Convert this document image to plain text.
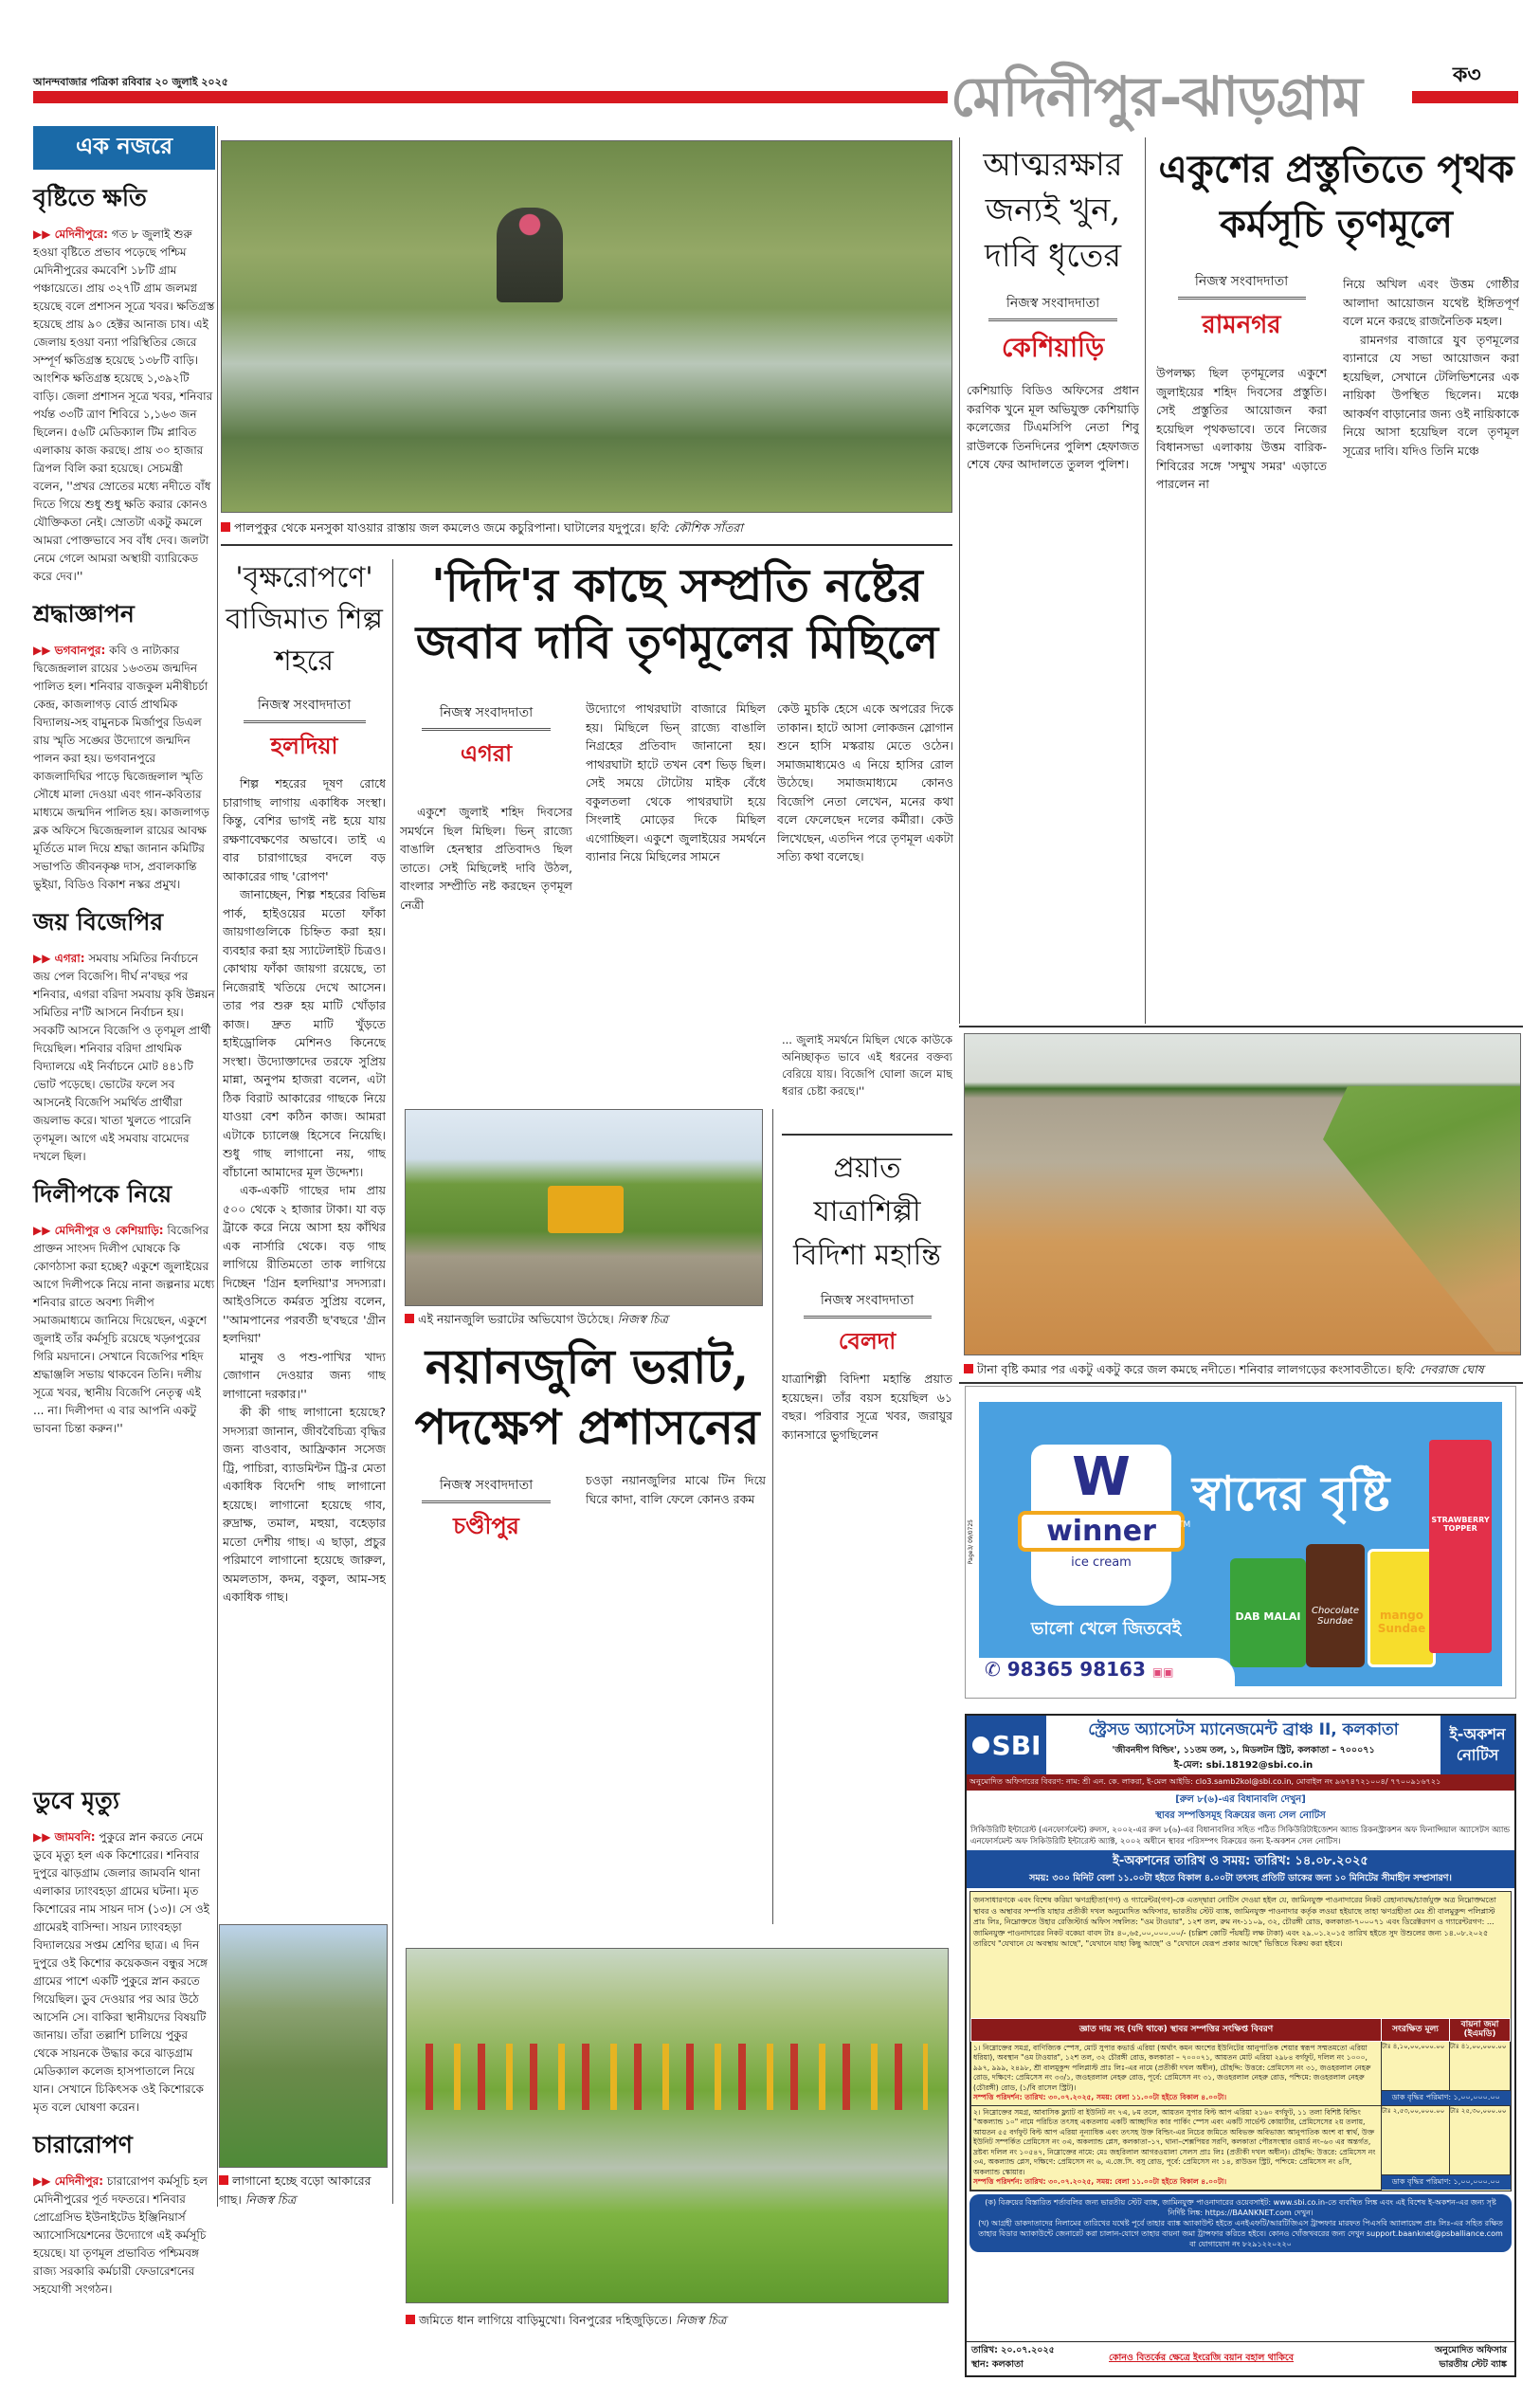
আনন্দবাজার পত্রিকা রবিবার ২০ জুলাই ২০২৫	মেদিনীপুর-ঝাড়গ্রাম	ক৩
এক নজরে
বৃষ্টিতে ক্ষতি
▶▶ মেদিনীপুরে: গত ৮ জুলাই শুরু হওয়া বৃষ্টিতে প্রভাব পড়েছে পশ্চিম মেদিনীপুরের কমবেশি ১৮টি গ্রাম পঞ্চায়েতে। প্রায় ৩২৭টি গ্রাম জলমগ্ন হয়েছে বলে প্রশাসন সূত্রে খবর। ক্ষতিগ্রস্ত হয়েছে প্রায় ৯০ হেক্টর আনাজ চাষ। এই জেলায় হওয়া বন্যা পরিস্থিতির জেরে সম্পূর্ণ ক্ষতিগ্রস্ত হয়েছে ১৩৮টি বাড়ি। আংশিক ক্ষতিগ্রস্ত হয়েছে ১,৩৯২টি বাড়ি। জেলা প্রশাসন সূত্রে খবর, শনিবার পর্যন্ত ৩৩টি ত্রাণ শিবিরে ১,১৬৩ জন ছিলেন। ৫৬টি মেডিক্যাল টিম প্লাবিত এলাকায় কাজ করছে। প্রায় ৩০ হাজার ত্রিপল বিলি করা হয়েছে। সেচমন্ত্রী বলেন, ''প্রখর স্রোতের মধ্যে নদীতে বাঁধ দিতে গিয়ে শুধু শুধু ক্ষতি করার কোনও যৌক্তিকতা নেই। স্রোতটা একটু কমলে আমরা পোক্তভাবে সব বাঁধ দেব। জলটা নেমে গেলে আমরা অস্থায়ী ব্যারিকেড করে দেব।''
শ্রদ্ধাজ্ঞাপন
▶▶ ভগবানপুর: কবি ও নাট্যকার দ্বিজেন্দ্রলাল রায়ের ১৬৩তম জন্মদিন পালিত হল। শনিবার বাজকুল মনীষীচর্চা কেন্দ্র, কাজলাগড় বোর্ড প্রাথমিক বিদ্যালয়-সহ বামুনচক মির্জাপুর ডিএল রায় স্মৃতি সঙ্ঘের উদ্যোগে জন্মদিন পালন করা হয়। ভগবানপুরে কাজলাদিঘির পাড়ে দ্বিজেন্দ্রলাল স্মৃতি সৌধে মালা দেওয়া এবং গান-কবিতার মাধ্যমে জন্মদিন পালিত হয়। কাজলাগড় ব্লক অফিসে দ্বিজেন্দ্রলাল রায়ের আবক্ষ মূর্তিতে মাল দিয়ে শ্রদ্ধা জানান কমিটির সভাপতি জীবনকৃষ্ণ দাস, প্রবালকান্তি ভুইয়া, বিডিও বিকাশ নস্কর প্রমুখ।
জয় বিজেপির
▶▶ এগরা: সমবায় সমিতির নির্বাচনে জয় পেল বিজেপি। দীর্ঘ ন'বছর পর শনিবার, এগরা বরিদা সমবায় কৃষি উন্নয়ন সমিতির ন'টি আসনে নির্বাচন হয়। সবকটি আসনে বিজেপি ও তৃণমূল প্রার্থী দিয়েছিল। শনিবার বরিদা প্রাথমিক বিদ্যালয়ে এই নির্বাচনে মোট ৪৪১টি ভোট পড়েছে। ভোটের ফলে সব আসনেই বিজেপি সমর্থিত প্রার্থীরা জয়লাভ করে। খাতা খুলতে পারেনি তৃণমূল। আগে এই সমবায় বামেদের দখলে ছিল।
দিলীপকে নিয়ে
▶▶ মেদিনীপুর ও কেশিয়াড়ি: বিজেপির প্রাক্তন সাংসদ দিলীপ ঘোষকে কি কোণঠাসা করা হচ্ছে? একুশে জুলাইয়ের আগে দিলীপকে নিয়ে নানা জল্পনার মধ্যে শনিবার রাতে অবশ্য দিলীপ সমাজমাধ্যমে জানিয়ে দিয়েছেন, একুশে জুলাই তাঁর কর্মসূচি রয়েছে খড়্গপুরের গিরি ময়দানে। সেখানে বিজেপির শহিদ শ্রদ্ধাঞ্জলি সভায় থাকবেন তিনি। দলীয় সূত্রে খবর, স্থানীয় বিজেপি নেতৃত্ব এই ... না। দিলীপদা এ বার আপনি একটু ভাবনা চিন্তা করুন।''
ডুবে মৃত্যু
▶▶ জামবনি: পুকুরে স্নান করতে নেমে ডুবে মৃত্যু হল এক কিশোরের। শনিবার দুপুরে ঝাড়গ্রাম জেলার জামবনি থানা এলাকার ঢ্যাংবহড়া গ্রামের ঘটনা। মৃত কিশোরের নাম সায়ন দাস (১৩)। সে ওই গ্রামেরই বাসিন্দা। সায়ন ঢ্যাংবহড়া বিদ্যালয়ের সপ্তম শ্রেণির ছাত্র। এ দিন দুপুরে ওই কিশোর কয়েকজন বন্ধুর সঙ্গে গ্রামের পাশে একটি পুকুরে স্নান করতে গিয়েছিল। ডুব দেওয়ার পর আর উঠে আসেনি সে। বাকিরা স্থানীয়দের বিষয়টি জানায়। তাঁরা তল্লাশি চালিয়ে পুকুর থেকে সায়নকে উদ্ধার করে ঝাড়গ্রাম মেডিক্যাল কলেজ হাসপাতালে নিয়ে যান। সেখানে চিকিৎসক ওই কিশোরকে মৃত বলে ঘোষণা করেন।
চারারোপণ
▶▶ মেদিনীপুর: চারারোপণ কর্মসূচি হল মেদিনীপুরের পূর্ত দফতরে। শনিবার প্রোগ্রেসিভ ইউনাইটেড ইঞ্জিনিয়ার্স অ্যাসোসিয়েশনের উদ্যোগে এই কর্মসূচি হয়েছে। যা তৃণমূল প্রভাবিত পশ্চিমবঙ্গ রাজ্য সরকারি কর্মচারী ফেডারেশনের সহযোগী সংগঠন।
পালপুকুর থেকে মনসুকা যাওয়ার রাস্তায় জল কমলেও জমে কচুরিপানা। ঘাটালের যদুপুরে। ছবি: কৌশিক সাঁতরা
'বৃক্ষরোপণে' বাজিমাত শিল্প শহরে
নিজস্ব সংবাদদাতা
হলদিয়া

শিল্প শহরের দূষণ রোধে চারাগাছ লাগায় একাধিক সংস্থা। কিন্তু, বেশির ভাগই নষ্ট হয়ে যায় রক্ষণাবেক্ষণের অভাবে। তাই এ বার চারাগাছের বদলে বড় আকারের গাছ 'রোপণ'

জানাচ্ছেন, শিল্প শহরের বিভিন্ন পার্ক, হাইওয়ের মতো ফাঁকা জায়গাগুলিকে চিহ্নিত করা হয়। ব্যবহার করা হয় স্যাটেলাইট চিত্রও। কোথায় ফাঁকা জায়গা রয়েছে, তা নিজেরাই খতিয়ে দেখে আসেন। তার পর শুরু হয় মাটি খোঁড়ার কাজ। দ্রুত মাটি খুঁড়তে হাইড্রোলিক মেশিনও কিনেছে সংস্থা। উদ্যোক্তাদের তরফে সুপ্রিয় মান্না, অনুপম হাজরা বলেন, এটা ঠিক বিরাট আকারের গাছকে নিয়ে যাওয়া বেশ কঠিন কাজ। আমরা এটাকে চ্যালেঞ্জ হিসেবে নিয়েছি। শুধু গাছ লাগানো নয়, গাছ বাঁচানো আমাদের মূল উদ্দেশ্য।

এক-একটি গাছের দাম প্রায় ৫০০ থেকে ২ হাজার টাকা। যা বড় ট্রাকে করে নিয়ে আসা হয় কাঁথির এক নার্সারি থেকে। বড় গাছ লাগিয়ে রীতিমতো তাক লাগিয়ে দিচ্ছেন 'গ্রিন হলদিয়া'র সদস্যরা। আইওসিতে কর্মরত সুপ্রিয় বলেন, ''আমপানের পরবর্তী ছ'বছরে 'গ্রীন হলদিয়া'

মানুষ ও পশু-পাখির খাদ্য জোগান দেওয়ার জন্য গাছ লাগানো দরকার।''

কী কী গাছ লাগানো হয়েছে? সদস্যরা জানান, জীববৈচিত্র্য বৃদ্ধির জন্য বাওবাব, আফ্রিকান সসেজ ট্রি, পাচিরা, ব্যাডমিন্টন ট্রি-র মেতা একাধিক বিদেশি গাছ লাগানো হয়েছে। লাগানো হয়েছে গাব, রুদ্রাক্ষ, তমাল, মহুয়া, বহেড়ার মতো দেশীয় গাছ। এ ছাড়া, প্রচুর পরিমাণে লাগানো হয়েছে জারুল, অমলতাস, কদম, বকুল, আম-সহ একাধিক গাছ।

লাগানো হচ্ছে বড়ো আকারের গাছ। নিজস্ব চিত্র
'দিদি'র কাছে সম্প্রতি নষ্টের জবাব দাবি তৃণমূলের মিছিলে
নিজস্ব সংবাদদাতা
এগরা

একুশে জুলাই শহিদ দিবসের সমর্থনে ছিল মিছিল। ভিন্ রাজ্যে বাঙালি হেনস্থার প্রতিবাদও ছিল তাতে। সেই মিছিলেই দাবি উঠল, বাংলার সম্প্রীতি নষ্ট করছেন তৃণমূল নেত্রী

উদ্যোগে পাথরঘাটা বাজারে মিছিল হয়। মিছিলে ভিন্ রাজ্যে বাঙালি নিগ্রহের প্রতিবাদ জানানো হয়। পাথরঘাটা হাটে তখন বেশ ভিড় ছিল। সেই সময়ে টোটোয় মাইক বেঁধে বকুলতলা থেকে পাথরঘাটা হয়ে সিংলাই মোড়ের দিকে মিছিল এগোচ্ছিল। একুশে জুলাইয়ের সমর্থনে ব্যানার নিয়ে মিছিলের সামনে

কেউ মুচকি হেসে একে অপরের দিকে তাকান। হাটে আসা লোকজন স্লোগান শুনে হাসি মস্করায় মেতে ওঠেন। সমাজমাধ্যমেও এ নিয়ে হাসির রোল উঠেছে। সমাজমাধ্যমে কোনও বিজেপি নেতা লেখেন, মনের কথা বলে ফেলেছেন দলের কর্মীরা। কেউ লিখেছেন, এতদিন পরে তৃণমূল একটা সত্যি কথা বলেছে।

... জুলাই সমর্থনে মিছিল থেকে কাউকে অনিচ্ছাকৃত ভাবে এই ধরনের বক্তব্য বেরিয়ে যায়। বিজেপি ঘোলা জলে মাছ ধরার চেষ্টা করছে।''

এই নয়ানজুলি ভরাটের অভিযোগ উঠেছে। নিজস্ব চিত্র
নয়ানজুলি ভরাট, পদক্ষেপ প্রশাসনের
নিজস্ব সংবাদদাতা
চণ্ডীপুর

চওড়া নয়ানজুলির মাঝে টিন দিয়ে ঘিরে কাদা, বালি ফেলে কোনও রকম

প্রয়াত যাত্রাশিল্পী বিদিশা মহান্তি
নিজস্ব সংবাদদাতা
বেলদা

যাত্রাশিল্পী বিদিশা মহান্তি প্রয়াত হয়েছেন। তাঁর বয়স হয়েছিল ৬১ বছর। পরিবার সূত্রে খবর, জরায়ুর ক্যানসারে ভুগছিলেন

জমিতে ধান লাগিয়ে বাড়িমুখো। বিনপুরের দহিজুড়িতে। নিজস্ব চিত্র
আত্মরক্ষার জন্যই খুন, দাবি ধৃতের
নিজস্ব সংবাদদাতা
কেশিয়াড়ি

কেশিয়াড়ি বিডিও অফিসের প্রধান করণিক খুনে মূল অভিযুক্ত কেশিয়াড়ি কলেজের টিএমসিপি নেতা শিবু রাউলকে তিনদিনের পুলিশ হেফাজত শেষে ফের আদালতে তুলল পুলিশ।

একুশের প্রস্তুতিতে পৃথক কর্মসূচি তৃণমূলে
নিজস্ব সংবাদদাতা
রামনগর

উপলক্ষ্য ছিল তৃণমূলের একুশে জুলাইয়ের শহিদ দিবসের প্রস্তুতি। সেই প্রস্তুতির আয়োজন করা হয়েছিল পৃথকভাবে। তবে নিজের বিধানসভা এলাকায় উত্তম বারিক-শিবিরের সঙ্গে 'সম্মুখ সমর' এড়াতে পারলেন না

নিয়ে অখিল এবং উত্তম গোষ্ঠীর আলাদা আয়োজন যথেষ্ট ইঙ্গিতপূর্ণ বলে মনে করছে রাজনৈতিক মহল।

রামনগর বাজারে যুব তৃণমূলের ব্যানারে যে সভা আয়োজন করা হয়েছিল, সেখানে টেলিভিশনের এক নায়িকা উপস্থিত ছিলেন। মঞ্চে আকর্ষণ বাড়ানোর জন্য ওই নায়িকাকে নিয়ে আসা হয়েছিল বলে তৃণমূল সূত্রের দাবি। যদিও তিনি মঞ্চে

টানা বৃষ্টি কমার পর একটু একটু করে জল কমছে নদীতে। শনিবার লালগড়ের কংসাবতীতে। ছবি: দেবরাজ ঘোষ
W
winner
ice cream
TM
ভালো খেলে জিতবেই
স্বাদের বৃষ্টি
DAB MALAI	Chocolate Sundae	mango Sundae
STRAWBERRY TOPPER
✆ 98365 98163 ▣▣
Page3/ 09/0725
SBI	স্ট্রেসড অ্যাসেটস ম্যানেজমেন্ট ব্রাঞ্চ II, কলকাতা
'জীবনদীপ বিল্ডিং', ১১তম তল, ১, মিডলটন স্ট্রিট, কলকাতা – ৭০০০৭১
ই-মেল: sbi.18192@sbi.co.in
ই-অকশন নোটিস
অনুমোদিত অফিসারের বিবরণ: নাম: শ্রী এন. কে. লাকরা, ই-মেল আইডি: clo3.samb2kol@sbi.co.in, মোবাইল নং ৯৬৭৪৭২১০০৪/ ৭৭০০৯১৬৭২১
[রুল ৮(৬)-এর বিধানাবলি দেখুন]
স্থাবর সম্পত্তিসমূহ বিক্রয়ের জন্য সেল নোটিস
সিকিউরিটি ইন্টারেস্ট (এনফোর্সমেন্ট) রুলস, ২০০২-এর রুল ৮(৬)-এর বিধানাবলির সহিত পঠিত সিকিউরিটাইজেশন অ্যান্ড রিকনস্ট্রাকশন অফ ফিনান্সিয়াল অ্যাসেটস অ্যান্ড এনফোর্সমেন্ট অফ সিকিউরিটি ইন্টারেস্ট অ্যাক্ট, ২০০২ অধীনে স্থাবর পরিসম্পৎ বিক্রয়ের জন্য ই-অকশন সেল নোটিস।
ই-অকশনের তারিখ ও সময়: তারিখ: ১৪.০৮.২০২৫
সময়: ৩০০ মিনিট বেলা ১১.০০টা হইতে বিকাল ৪.০০টা তৎসহ প্রতিটি ডাকের জন্য ১০ মিনিটের সীমাহীন সম্প্রসারণ।
জনসাধারণকে এবং বিশেষ করিয়া ঋণগ্রহীতা(গণ) ও গ্যারেন্টর(গণ)-কে এতদ্দ্বারা নোটিস দেওয়া হইল যে, জামিনযুক্ত পাওনাদারের নিকট রেহানাবদ্ধ/চার্জযুক্ত অত্র নিম্নোক্তমতো স্থাবর ও অস্থাবর সম্পত্তি যাহার প্রতীকী দখল অনুমোদিত অফিসার, ভারতীয় স্টেট ব্যাঙ্ক, জামিনযুক্ত পাওনাদার কর্তৃক লওয়া হইয়াছে তাহা ঋণগ্রহীতা মেঃ শ্রী বালমুকুন্দ পলিপ্লাস্ট প্রাঃ লিঃ, নিম্নোক্ততে উহার রেজিস্টার্ড অফিস সম্বলিত: "ওম টাওয়ার", ১২শ তল, রুম নং-১১০৯, ৩২, চৌরঙ্গী রোড, কলকাতা-৭০০০৭১ এবং ডিরেক্টরগণ ও গ্যারেন্টরগণ: ... জামিনযুক্ত পাওনাদারের নিকট বকেয়া বাবদ টাঃ ৪০,৬৫,০০,০০০.০০/- (চল্লিশ কোটি পঁয়ষট্টি লক্ষ টাকা) এবং ২৯.০১.২০১৫ তারিখ হইতে সুদ উশুলের জন্য ১৪.০৮.২০২৫ তারিখে "যেখানে যে অবস্থায় আছে", "যেখানে যাহা কিছু আছে" ও "যেখানে যেরূপ প্রকার আছে" ভিত্তিতে বিক্রয় করা হইবে।
জ্ঞাত দায় সহ (যদি থাকে) স্থাবর সম্পত্তির সংক্ষিপ্ত বিবরণ	সংরক্ষিত মূল্য	বায়না জমা (ইএমডি)

১। নিম্নোক্তের সমগ্র, বাণিজ্যিক স্পেস, মোট সুপার কভার্ড এরিয়া (অর্থাৎ কমন অংশের ইউনিটের আনুপাতিক শেয়ার স্বরূপ সম্মতমতো এরিয়া ধরিয়া), অবস্থান "ওম টাওয়ার", ১২শ তল, ৩২ চৌরঙ্গী রোড, কলকাতা – ৭০০০৭১, আয়তন মোট এরিয়া ২৯৮৪ বর্গফুট, দলিল নং ১০০০, ৯৯৭, ৯৯৯, ২৪৯৮, শ্রী বালমুকুন্দ পলিপ্লাস্ট প্রাঃ লিঃ-এর নামে (প্রতীকী দখল অধীন), চৌহদ্দি: উত্তরে: প্রেমিসেস নং ৩১, জওহরলাল নেহরু রোড, দক্ষিণে: প্রেমিসেস নং ৩৩/১, জওহরলাল নেহরু রোড, পূর্বে: প্রেমিসেস নং ৩১, জওহরলাল নেহরু রোড, পশ্চিমে: জওহরলাল নেহরু (চৌরঙ্গী) রোড, (১/বি রাসেল স্ট্রিট)।
সম্পত্তি পরিদর্শন: তারিখ: ৩০.০৭.২০২৫, সময়: বেলা ১১.০০টা হইতে বিকাল ৪.০০টা।	টাঃ ৪,১০,০০,০০০.০০	টাঃ ৪১,০০,০০০.০০
	ডাক বৃদ্ধির পরিমাণ: ১,০০,০০০.০০	

২। নিম্নোক্তের সমগ্র, আবাসিক ফ্ল্যাট বা ইউনিট নং ৭এ, ৮ম তলে, আয়তন সুপার বিল্ট আপ এরিয়া ২১৬০ বর্গফুট, ১১ তলা বিশিষ্ট বিল্ডিং "অকল্যান্ড ১০" নামে পরিচিত তৎসহ একতলায় একটি আচ্ছাদিত কার পার্কিং স্পেস এবং একটি সার্ভেন্ট কোয়ার্টার, প্রেমিসেসের ২য় তলায়, আয়তন ৫৫ বর্গফুট বিল্ট আপ এরিয়া নূন্যাধিক এবং তৎসহ উক্ত বিল্ডিং-এর নিচের জমিতে অবিভক্ত অবিভাজ্য আনুপাতিক অংশ বা স্বার্থ, উক্ত ইউনিট সম্পর্কিত প্রেমিসেস নং ৩এ, অকল্যান্ড প্লেস, কলকাতা–১৭, থানা–শেক্সপিয়র সরণি, কলকাতা পৌরসংস্থার ওয়ার্ড নং–৬৩ এর অন্তর্গত, দ্রষ্টব্য দলিল নং ১০৫৪৭, নিম্নোক্তের নামে: মেঃ জহরিলাল আগরওয়ালা সেলস প্রাঃ লিঃ (প্রতীকী দখল অধীন)। চৌহদ্দি: উত্তরে: প্রেমিসেস নং ৩এ, অকল্যান্ড প্লেস, দক্ষিণে: প্রেমিসেস নং ৬, এ.জে.সি. বসু রোড, পূর্বে: প্রেমিসেস নং ১৪, রাউডন স্ট্রিট, পশ্চিমে: প্রেমিসেস নং ৪সি, অকল্যান্ড স্কোয়ার।
সম্পত্তি পরিদর্শন: তারিখ: ৩০.০৭.২০২৫, সময়: বেলা ১১.০০টা হইতে বিকাল ৪.০০টা।	টাঃ ২,৫৩,০০,০০০.০০	টাঃ ২৫,৩০,০০০.০০
	ডাক বৃদ্ধির পরিমাণ: ১,০০,০০০.০০	
(ক) বিক্রয়ের বিস্তারিত শর্তাবলির জন্য ভারতীয় স্টেট ব্যাঙ্ক, জামিনযুক্ত পাওনাদারের ওয়েবসাইট: www.sbi.co.in-তে ব্যবস্থিত লিঙ্ক এবং এই বিশেষ ই-অকশন-এর জন্য সৃষ্ট নির্দিষ্ট লিঙ্ক: https://BAANKNET.com দেখুন।
(খ) আগ্রহী ডাকদাতাদের নিলামের তারিখের যথেষ্ট পূর্বে তাহার ব্যাঙ্ক অ্যাকাউন্ট হইতে এনইএফটি/আরটিজিএস ট্রান্সফার মারফত পিএসবি অ্যালায়েন্স প্রাঃ লিঃ-এর সহিত রক্ষিত তাহার বিডার অ্যাকাউন্টে জেনারেট করা চালান-যোগে তাহার বায়না জমা ট্রান্সফার করিতে হইবে। কোনও খোঁজখবরের জন্য দেখুন support.baanknet@psballiance.com বা যোগাযোগ নং ৮২৯১২২০২২০
তারিখ: ২০.০৭.২০২৫
স্থান: কলকাতা
কোনও বিতর্কের ক্ষেত্রে ইংরেজি বয়ান বহাল থাকিবে
অনুমোদিত অফিসার
ভারতীয় স্টেট ব্যাঙ্ক
